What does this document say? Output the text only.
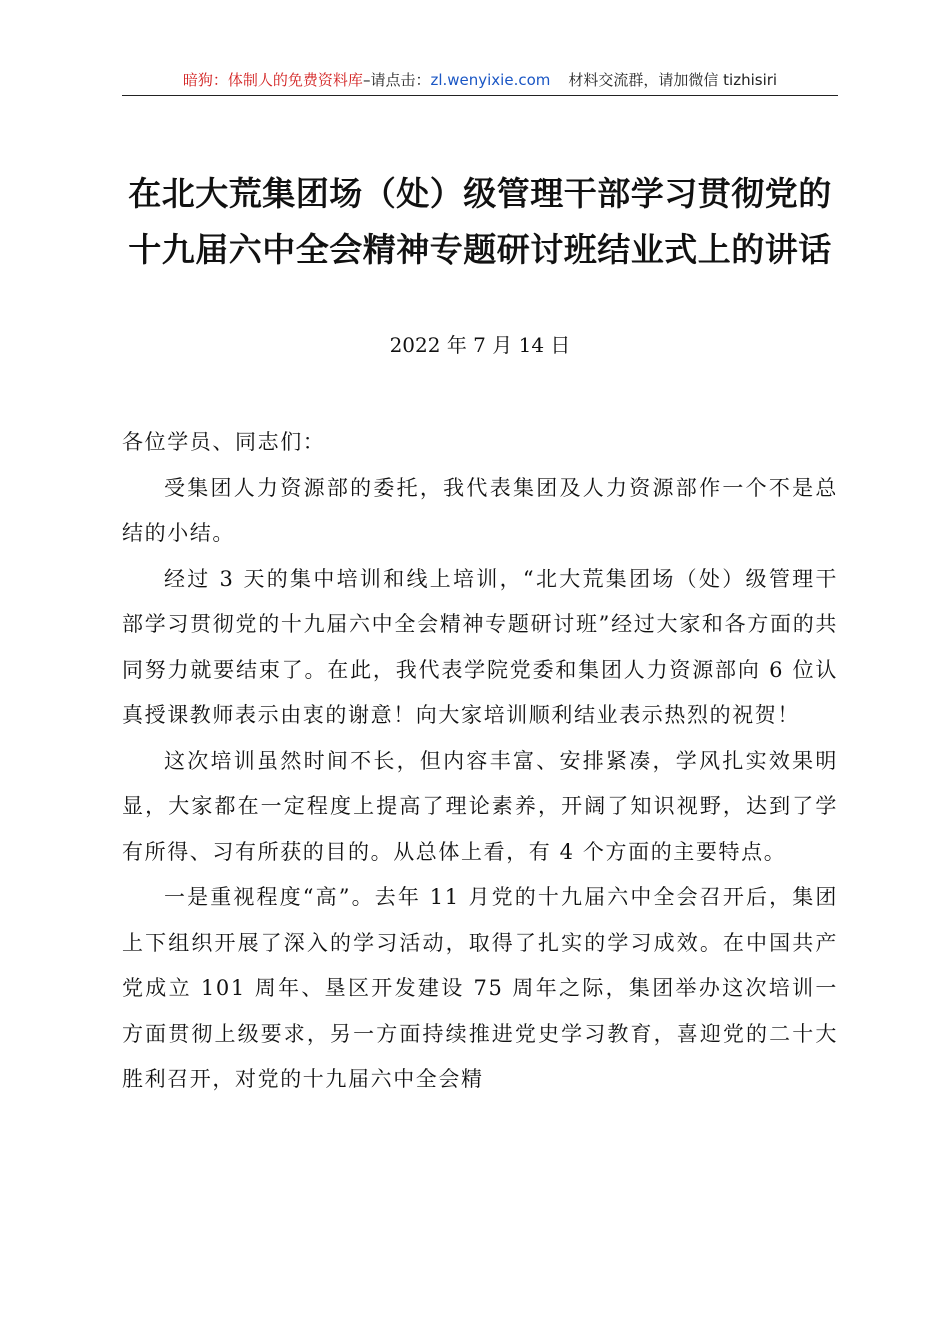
暗狗：体制人的免费资料库–请点击：zl.wenyixie.com 材料交流群，请加微信 tizhisiri
在北大荒集团场（处）级管理干部学习贯彻党的十九届六中全会精神专题研讨班结业式上的讲话
2022 年 7 月 14 日

各位学员、同志们：

受集团人力资源部的委托，我代表集团及人力资源部作一个不是总结的小结。

经过 3 天的集中培训和线上培训，“北大荒集团场（处）级管理干部学习贯彻党的十九届六中全会精神专题研讨班”经过大家和各方面的共同努力就要结束了。在此，我代表学院党委和集团人力资源部向 6 位认真授课教师表示由衷的谢意！向大家培训顺利结业表示热烈的祝贺！

这次培训虽然时间不长，但内容丰富、安排紧凑，学风扎实效果明显，大家都在一定程度上提高了理论素养，开阔了知识视野，达到了学有所得、习有所获的目的。从总体上看，有 4 个方面的主要特点。

一是重视程度“高”。去年 11 月党的十九届六中全会召开后，集团上下组织开展了深入的学习活动，取得了扎实的学习成效。在中国共产党成立 101 周年、垦区开发建设 75 周年之际，集团举办这次培训一方面贯彻上级要求，另一方面持续推进党史学习教育，喜迎党的二十大胜利召开，对党的十九届六中全会精
